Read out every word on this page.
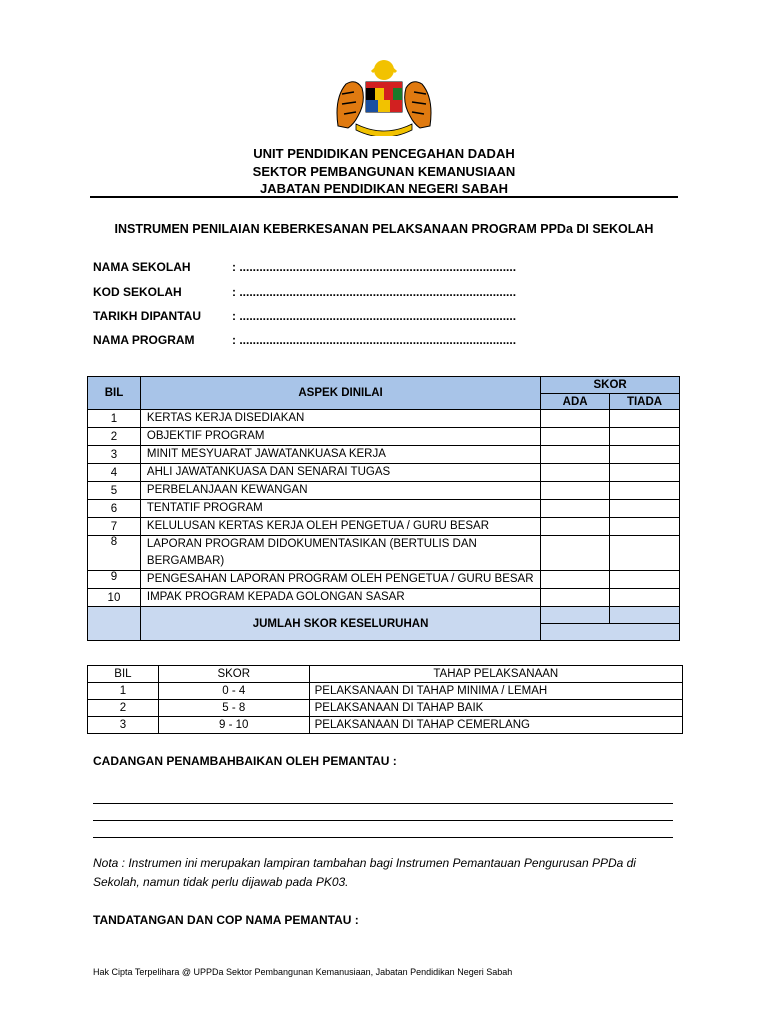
UNIT PENDIDIKAN PENCEGAHAN DADAH
SEKTOR PEMBANGUNAN KEMANUSIAAN
JABATAN PENDIDIKAN NEGERI SABAH
INSTRUMEN PENILAIAN KEBERKESANAN PELAKSANAAN PROGRAM PPDa DI SEKOLAH
NAMA SEKOLAH	: ...................................................................................
KOD SEKOLAH	: ...................................................................................
TARIKH DIPANTAU	: ...................................................................................
NAMA PROGRAM	: ...................................................................................
BIL	ASPEK DINILAI	SKOR	
		ADA	TIADA
1	KERTAS KERJA DISEDIAKAN		
2	OBJEKTIF PROGRAM		
3	MINIT MESYUARAT JAWATANKUASA KERJA		
4	AHLI JAWATANKUASA DAN SENARAI TUGAS		
5	PERBELANJAAN KEWANGAN		
6	TENTATIF PROGRAM		
7	KELULUSAN KERTAS KERJA OLEH PENGETUA / GURU BESAR		
8	LAPORAN PROGRAM DIDOKUMENTASIKAN (BERTULIS DAN BERGAMBAR)		
9	PENGESAHAN LAPORAN PROGRAM OLEH PENGETUA / GURU BESAR		
10	IMPAK PROGRAM KEPADA GOLONGAN SASAR		
	JUMLAH SKOR KESELURUHAN		

BIL	SKOR	TAHAP PELAKSANAAN
1	0 - 4	PELAKSANAAN DI TAHAP MINIMA / LEMAH
2	5 - 8	PELAKSANAAN DI TAHAP BAIK
3	9 - 10	PELAKSANAAN DI TAHAP CEMERLANG
CADANGAN PENAMBAHBAIKAN OLEH PEMANTAU :
Nota : Instrumen ini merupakan lampiran tambahan bagi Instrumen Pemantauan Pengurusan PPDa di Sekolah, namun tidak perlu dijawab pada PK03.
TANDATANGAN DAN COP NAMA PEMANTAU :
Hak Cipta Terpelihara @ UPPDa Sektor Pembangunan Kemanusiaan, Jabatan Pendidikan Negeri Sabah
